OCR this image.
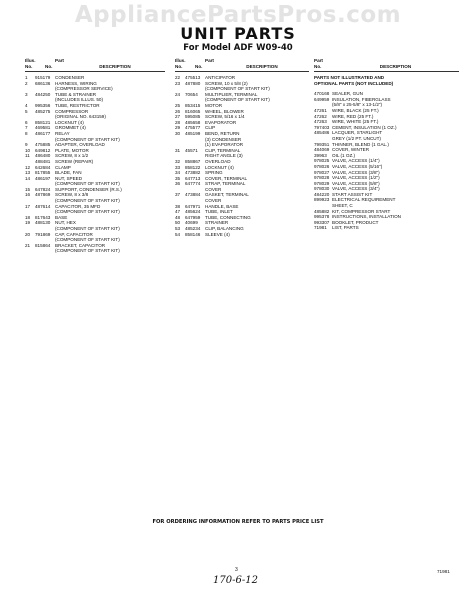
AppliancePartsPros.com
UNIT PARTS
For Model ADF W09-40
Illus.	Part
No.	No.	DESCRIPTION
1	915179	CONDENSER
2	686136	HARNESS, WIRING
(COMPRESSOR SERVICE)
3	484250	TUBE & STRAINER
(INCLUDES ILLUS. 50)
4	995356	TUBE, RESTRICTOR
5	485275	COMPRESSOR
(ORIGINAL NO. 643159)
6	858121	LOCKNUT (4)
7	469581	GROMMET (4)
8	486177	RELAY
(COMPONENT OF START KIT)
9	475885	ADAPTER, OVERLOAD
10	649812	PLATE, MOTOR
11	486480	SCREW, 8 x 1/2
488481	SCREW (REPAIR)
12	642684	CLAMP
13	817855	BLADE, FAN
14	486197	NUT, SPEED
(COMPONENT OF START KIT)
15	647824	SUPPORT, CONDENSER (R.S.)
16	487869	SCREW, 8 x 3/8
(COMPONENT OF START KIT)
17	487614	CAPACITOR, 35 MFD
(COMPONENT OF START KIT)
18	817643	BASE
19	488130	NUT, HEX
(COMPONENT OF START KIT)
20	791869	CAP, CAPACITOR
(COMPONENT OF START KIT)
21	815864	BRACKET, CAPACITOR
(COMPONENT OF START KIT)
Illus.	Part
No.	No.	DESCRIPTION
22	475513	ANTICIPATOR
23	487880	SCREW, 10 x 5/8 (2)
(COMPONENT OF START KIT)
24	70654	MULTIPLIER, TERMINAL
(COMPONENT OF START KIT)
25	853415	MOTOR
26	816065	WHEEL, BLOWER
27	595085	SCREW, 5/16 x 1/4
28	485658	EVAPORATOR
29	475577	CLIP
30	485199	BEND, RETURN
(3) CONDENSER
(1) EVAPORATOR
31	45571	CLIP, TERMINAL
RIGHT ANGLE (3)
32	858867	OVERLOAD
33	858122	LOCKNUT (4)
34	473882	SPRING
35	647713	COVER, TERMINAL
36	647774	STRAP, TERMINAL
COVER
37	473884	GASKET, TERMINAL
COVER
38	647971	HANDLE, BASE
47	485624	TUBE, INLET
48	647959	TUBE, CONNECTING
50	40699	STRAINER
53	485234	CLIP, BALANCING
54	858146	SLEEVE (4)
Part
No.	DESCRIPTION
PARTS NOT ILLUSTRATED AND
OPTIONAL PARTS (NOT INCLUDED)
470168 SEALER, GUN
649959 INSULATION, FIBERGLASS
(5/8" x 25-5/8" x 13-1/2")
47261	WIRE, BLACK (25 FT.)
47262	WIRE, RED (25 FT.)
47263	WIRE, WHITE (25 FT.)
797403 CEMENT, INSULATION (1 OZ.)
485486 LACQUER, STARLIGHT
GREY (1/2 PT. UNCUT)
799351 THINNER, BLEND (1 GAL.)
484069 COVER, WINTER
39963	OIL (1 OZ.)
978025 VALVE, ACCESS (1/4")
978026 VALVE, ACCESS (5/16")
978027 VALVE, ACCESS (3/8")
978028 VALVE, ACCESS (1/2")
978029 VALVE, ACCESS (5/8")
978030 VALVE, ACCESS (3/4")
484220 START ASSIST KIT
899923 ELECTRICAL REQUIREMENT
SHEET, C
485882 KIT, COMPRESSOR START
995378 INSTRUCTIONS, INSTALLATION
993307 BOOKLET, PRODUCT
71981	LIST, PARTS
FOR ORDERING INFORMATION REFER TO PARTS PRICE LIST
3
170-6-12
71981
